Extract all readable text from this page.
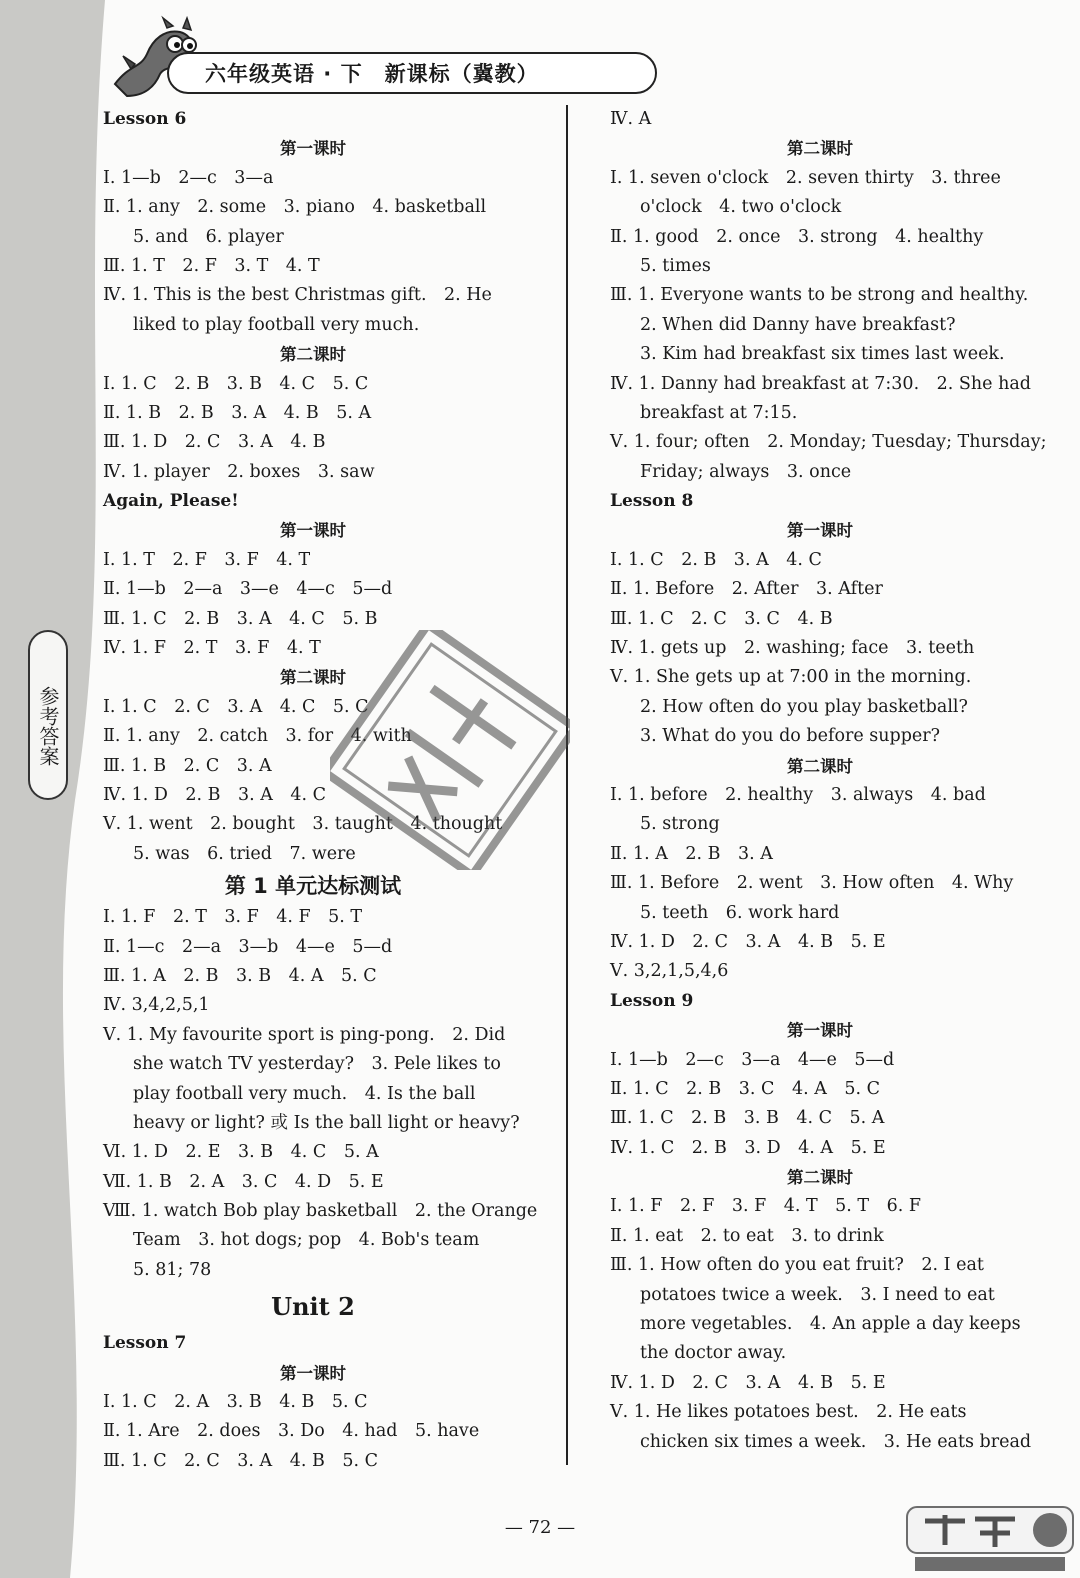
六年级英语 · 下　新课标（冀教）
参考答案
Lesson 6
第一课时
Ⅰ. 1—b　2—c　3—a
Ⅱ. 1. any　2. some　3. piano　4. basketball
5. and　6. player
Ⅲ. 1. T　2. F　3. T　4. T
Ⅳ. 1. This is the best Christmas gift.　2. He
liked to play football very much.
第二课时
Ⅰ. 1. C　2. B　3. B　4. C　5. C
Ⅱ. 1. B　2. B　3. A　4. B　5. A
Ⅲ. 1. D　2. C　3. A　4. B
Ⅳ. 1. player　2. boxes　3. saw
Again, Please!
第一课时
Ⅰ. 1. T　2. F　3. F　4. T
Ⅱ. 1—b　2—a　3—e　4—c　5—d
Ⅲ. 1. C　2. B　3. A　4. C　5. B
Ⅳ. 1. F　2. T　3. F　4. T
第二课时
Ⅰ. 1. C　2. C　3. A　4. C　5. C
Ⅱ. 1. any　2. catch　3. for　4. with
Ⅲ. 1. B　2. C　3. A
Ⅳ. 1. D　2. B　3. A　4. C
Ⅴ. 1. went　2. bought　3. taught　4. thought
5. was　6. tried　7. were
第 1 单元达标测试
Ⅰ. 1. F　2. T　3. F　4. F　5. T
Ⅱ. 1—c　2—a　3—b　4—e　5—d
Ⅲ. 1. A　2. B　3. B　4. A　5. C
Ⅳ. 3,4,2,5,1
Ⅴ. 1. My favourite sport is ping-pong.　2. Did
she watch TV yesterday?　3. Pele likes to
play football very much.　4. Is the ball
heavy or light? 或 Is the ball light or heavy?
Ⅵ. 1. D　2. E　3. B　4. C　5. A
Ⅶ. 1. B　2. A　3. C　4. D　5. E
Ⅷ. 1. watch Bob play basketball　2. the Orange
Team　3. hot dogs; pop　4. Bob's team
5. 81; 78
Unit 2
Lesson 7
第一课时
Ⅰ. 1. C　2. A　3. B　4. B　5. C
Ⅱ. 1. Are　2. does　3. Do　4. had　5. have
Ⅲ. 1. C　2. C　3. A　4. B　5. C
Ⅳ. A
第二课时
Ⅰ. 1. seven o'clock　2. seven thirty　3. three
o'clock　4. two o'clock
Ⅱ. 1. good　2. once　3. strong　4. healthy
5. times
Ⅲ. 1. Everyone wants to be strong and healthy.
2. When did Danny have breakfast?
3. Kim had breakfast six times last week.
Ⅳ. 1. Danny had breakfast at 7:30.　2. She had
breakfast at 7:15.
Ⅴ. 1. four; often　2. Monday; Tuesday; Thursday;
Friday; always　3. once
Lesson 8
第一课时
Ⅰ. 1. C　2. B　3. A　4. C
Ⅱ. 1. Before　2. After　3. After
Ⅲ. 1. C　2. C　3. C　4. B
Ⅳ. 1. gets up　2. washing; face　3. teeth
Ⅴ. 1. She gets up at 7:00 in the morning.
2. How often do you play basketball?
3. What do you do before supper?
第二课时
Ⅰ. 1. before　2. healthy　3. always　4. bad
5. strong
Ⅱ. 1. A　2. B　3. A
Ⅲ. 1. Before　2. went　3. How often　4. Why
5. teeth　6. work hard
Ⅳ. 1. D　2. C　3. A　4. B　5. E
Ⅴ. 3,2,1,5,4,6
Lesson 9
第一课时
Ⅰ. 1—b　2—c　3—a　4—e　5—d
Ⅱ. 1. C　2. B　3. C　4. A　5. C
Ⅲ. 1. C　2. B　3. B　4. C　5. A
Ⅳ. 1. C　2. B　3. D　4. A　5. E
第二课时
Ⅰ. 1. F　2. F　3. F　4. T　5. T　6. F
Ⅱ. 1. eat　2. to eat　3. to drink
Ⅲ. 1. How often do you eat fruit?　2. I eat
potatoes twice a week.　3. I need to eat
more vegetables.　4. An apple a day keeps
the doctor away.
Ⅳ. 1. D　2. C　3. A　4. B　5. E
Ⅴ. 1. He likes potatoes best.　2. He eats
chicken six times a week.　3. He eats bread
— 72 —
